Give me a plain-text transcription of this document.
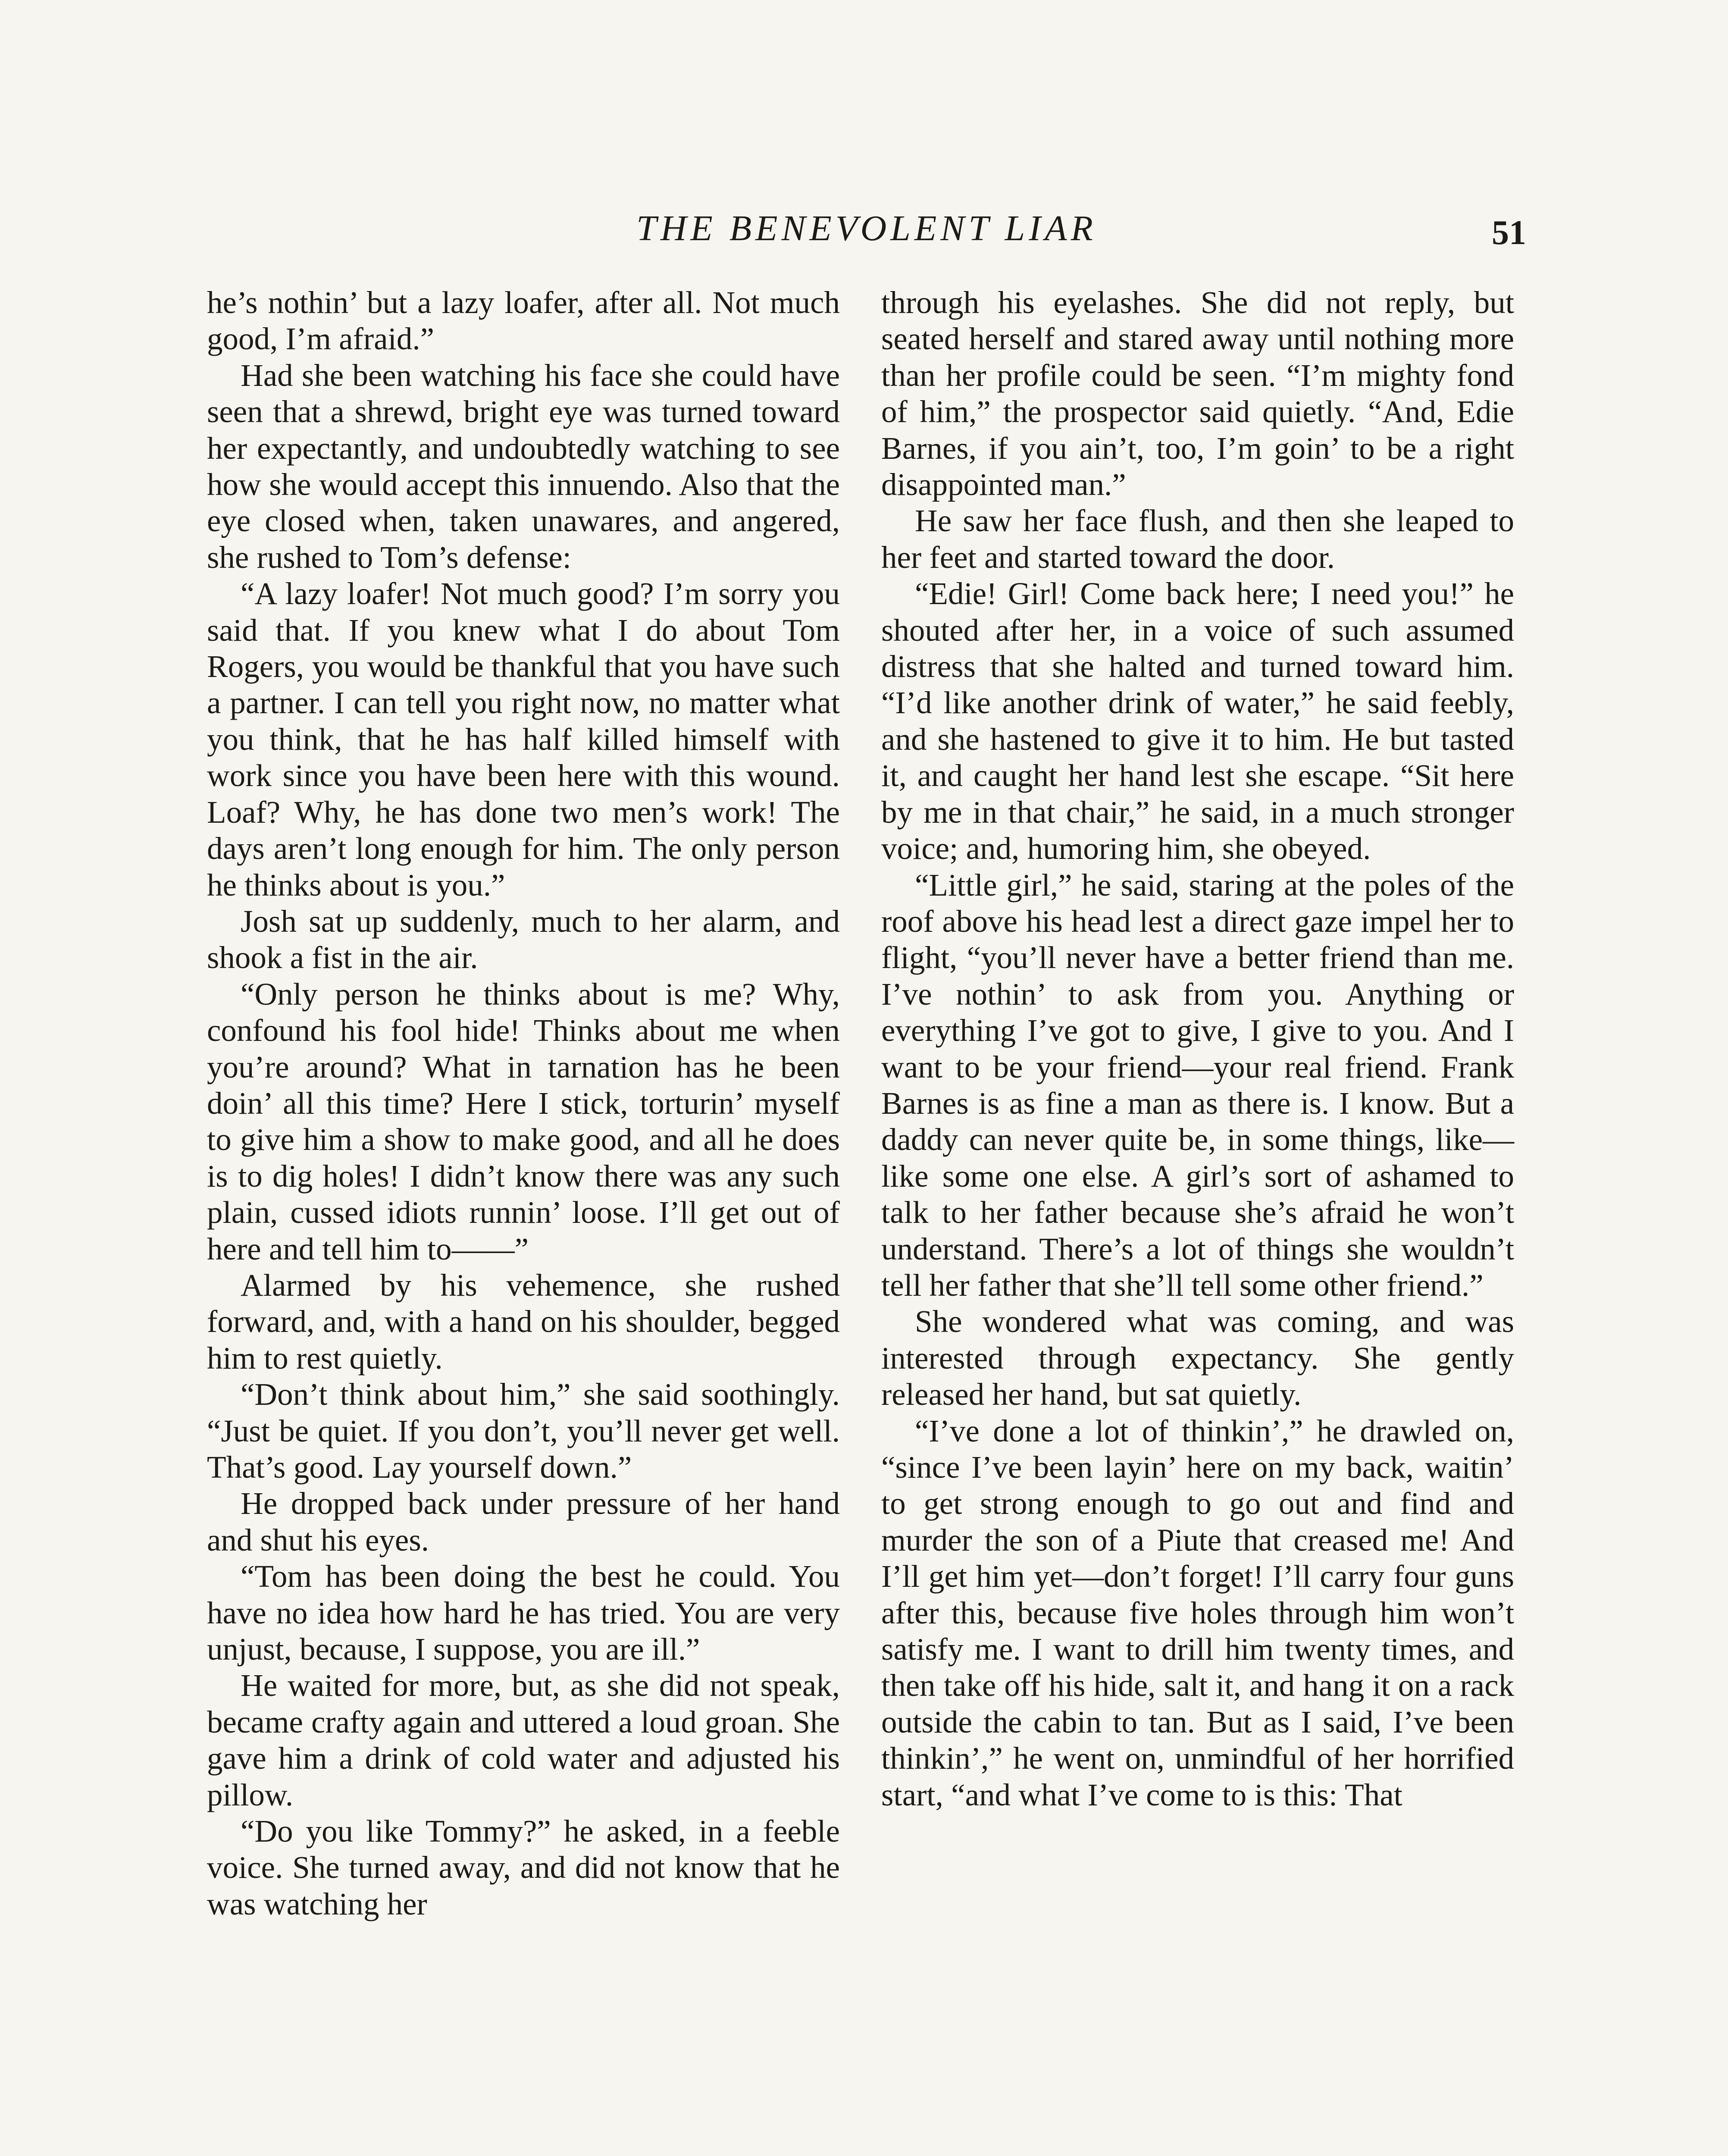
THE BENEVOLENT LIAR	51

he’s nothin’ but a lazy loafer, after all. Not much good, I’m afraid.”

Had she been watching his face she could have seen that a shrewd, bright eye was turned toward her expectantly, and undoubtedly watching to see how she would accept this innuendo. Also that the eye closed when, taken unawares, and angered, she rushed to Tom’s defense:

“A lazy loafer! Not much good? I’m sorry you said that. If you knew what I do about Tom Rogers, you would be thankful that you have such a partner. I can tell you right now, no matter what you think, that he has half killed himself with work since you have been here with this wound. Loaf? Why, he has done two men’s work! The days aren’t long enough for him. The only person he thinks about is you.”

Josh sat up suddenly, much to her alarm, and shook a fist in the air.

“Only person he thinks about is me? Why, confound his fool hide! Thinks about me when you’re around? What in tarnation has he been doin’ all this time? Here I stick, torturin’ myself to give him a show to make good, and all he does is to dig holes! I didn’t know there was any such plain, cussed idiots runnin’ loose. I’ll get out of here and tell him to——”

Alarmed by his vehemence, she rushed forward, and, with a hand on his shoulder, begged him to rest quietly.

“Don’t think about him,” she said soothingly. “Just be quiet. If you don’t, you’ll never get well. That’s good. Lay yourself down.”

He dropped back under pressure of her hand and shut his eyes.

“Tom has been doing the best he could. You have no idea how hard he has tried. You are very unjust, because, I suppose, you are ill.”

He waited for more, but, as she did not speak, became crafty again and uttered a loud groan. She gave him a drink of cold water and adjusted his pillow.

“Do you like Tommy?” he asked, in a feeble voice. She turned away, and did not know that he was watching her

through his eyelashes. She did not reply, but seated herself and stared away until nothing more than her profile could be seen. “I’m mighty fond of him,” the prospector said quietly. “And, Edie Barnes, if you ain’t, too, I’m goin’ to be a right disappointed man.”

He saw her face flush, and then she leaped to her feet and started toward the door.

“Edie! Girl! Come back here; I need you!” he shouted after her, in a voice of such assumed distress that she halted and turned toward him. “I’d like another drink of water,” he said feebly, and she hastened to give it to him. He but tasted it, and caught her hand lest she escape. “Sit here by me in that chair,” he said, in a much stronger voice; and, humoring him, she obeyed.

“Little girl,” he said, staring at the poles of the roof above his head lest a direct gaze impel her to flight, “you’ll never have a better friend than me. I’ve nothin’ to ask from you. Anything or everything I’ve got to give, I give to you. And I want to be your friend—your real friend. Frank Barnes is as fine a man as there is. I know. But a daddy can never quite be, in some things, like—like some one else. A girl’s sort of ashamed to talk to her father because she’s afraid he won’t understand. There’s a lot of things she wouldn’t tell her father that she’ll tell some other friend.”

She wondered what was coming, and was interested through expectancy. She gently released her hand, but sat quietly.

“I’ve done a lot of thinkin’,” he drawled on, “since I’ve been layin’ here on my back, waitin’ to get strong enough to go out and find and murder the son of a Piute that creased me! And I’ll get him yet—don’t forget! I’ll carry four guns after this, because five holes through him won’t satisfy me. I want to drill him twenty times, and then take off his hide, salt it, and hang it on a rack outside the cabin to tan. But as I said, I’ve been thinkin’,” he went on, unmindful of her horrified start, “and what I’ve come to is this: That
